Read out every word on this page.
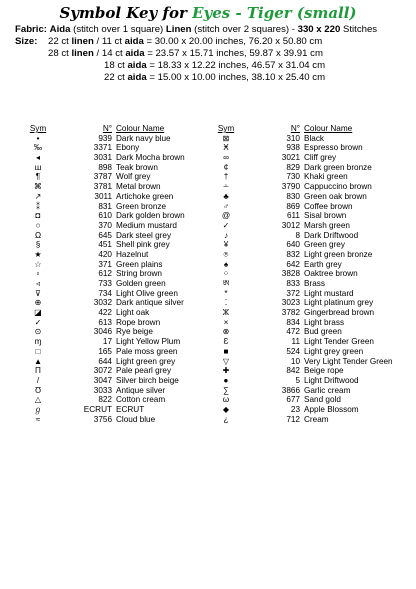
Symbol Key for Eyes - Tiger (small)
Fabric: Aida (stitch over 1 square) Linen (stitch over 2 squares) - 330 x 220 Stitches
Size: 22 ct linen / 11 ct aida = 30.00 x 20.00 inches, 76.20 x 50.80 cm
28 ct linen / 14 ct aida = 23.57 x 15.71 inches, 59.87 x 39.91 cm
18 ct aida = 18.33 x 12.22 inches, 46.57 x 31.04 cm
22 ct aida = 15.00 x 10.00 inches, 38.10 x 25.40 cm
Sym	N° Colour Name
•	939 Dark navy blue
‰	3371 Ebony
◂	3031 Dark Mocha brown
ш	898 Teak brown
¶	3787 Wolf grey
⌘	3781 Metal brown
↗	3011 Artichoke green
⁑	831 Green bronze
◘	610 Dark golden brown
○	370 Medium mustard
Ω	645 Dark steel grey
§	451 Shell pink grey
★	420 Hazelnut
☆	371 Green plains
▫	612 String brown
◃	733 Golden green
⊽	734 Light Olive green
⊕	3032 Dark antique silver
◪	422 Light oak
✓	613 Rope brown
⊙	3046 Rye beige
ɱ	17 Light Yellow Plum
□	165 Pale moss green
▲	644 Light green grey
Π	3072 Pale pearl grey
/	3047 Silver birch beige
Ʊ	3033 Antique silver
△	822 Cotton cream
ℊ	ECRUT ECRUT
≈	3756 Cloud blue
Sym	N° Colour Name
⊠	310 Black
Ӿ	938 Espresso brown
∞	3021 Cliff grey
¢	829 Dark green bronze
†	730 Khaki green
∸	3790 Cappuccino brown
♣	830 Green oak brown
♂	869 Coffee brown
@	611 Sisal brown
✓	3012 Marsh green
♪	8 Dark Driftwood
¥	640 Green grey
⍟	832 Light green bronze
♠	642 Earth grey
⁘	3828 Oaktree brown
ཨ	833 Brass
*	372 Light mustard
⁚	3023 Light platinum grey
ⵣ	3782 Gingerbread brown
×	834 Light brass
⊗	472 Bud green
Ɛ	11 Light Tender Green
■	524 Light grey green
▽	10 Very Light Tender Green
✚	842 Beige rope
●	5 Light Driftwood
∑	3866 Garlic cream
ω	677 Sand gold
◆	23 Apple Blossom
¿	712 Cream
